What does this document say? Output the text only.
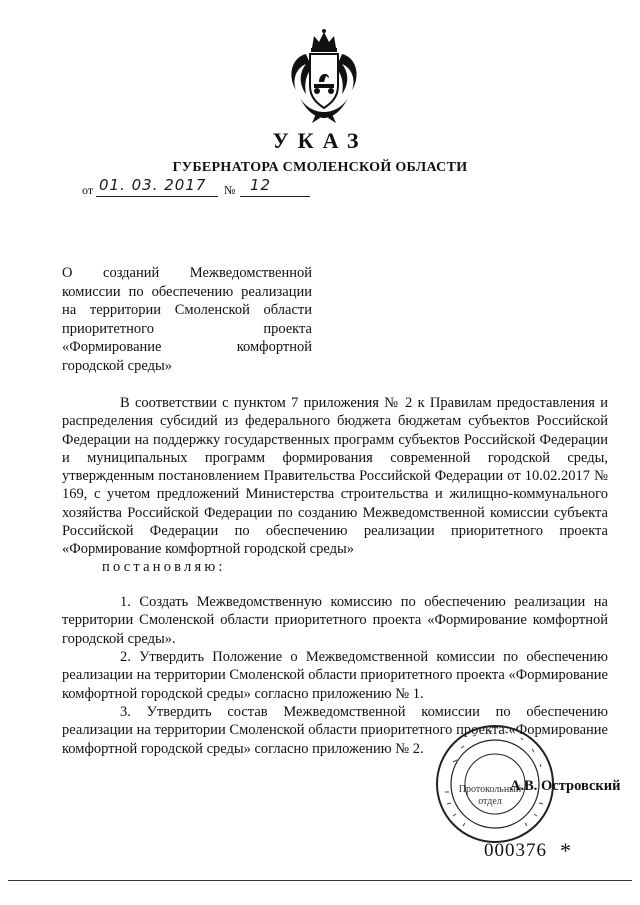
УКАЗ
ГУБЕРНАТОРА СМОЛЕНСКОЙ ОБЛАСТИ
от 01. 03. 2017 № 12
О созданий Межведомственной
комиссии по обеспечению реализации
на территории Смоленской области
приоритетного проекта
«Формирование комфортной
городской среды»
В соответствии с пунктом 7 приложения № 2 к Правилам предоставления и распределения субсидий из федерального бюджета бюджетам субъектов Российской Федерации на поддержку государственных программ субъектов Российской Федерации и муниципальных программ формирования современной городской среды, утвержденным постановлением Правительства Российской Федерации от 10.02.2017 № 169, с учетом предложений Министерства строительства и жилищно-коммунального хозяйства Российской Федерации по созданию Межведомственной комиссии субъекта Российской Федерации по обеспечению реализации приоритетного проекта «Формирование комфортной городской среды»
постановляю:
1. Создать Межведомственную комиссию по обеспечению реализации на территории Смоленской области приоритетного проекта «Формирование комфортной городской среды».
2. Утвердить Положение о Межведомственной комиссии по обеспечению реализации на территории Смоленской области приоритетного проекта «Формирование комфортной городской среды» согласно приложению № 1.
3. Утвердить состав Межведомственной комиссии по обеспечению реализации на территории Смоленской области приоритетного проекта «Формирование комфортной городской среды» согласно приложению № 2.
Протокольный
отдел
А.В. Островский
000376 *
